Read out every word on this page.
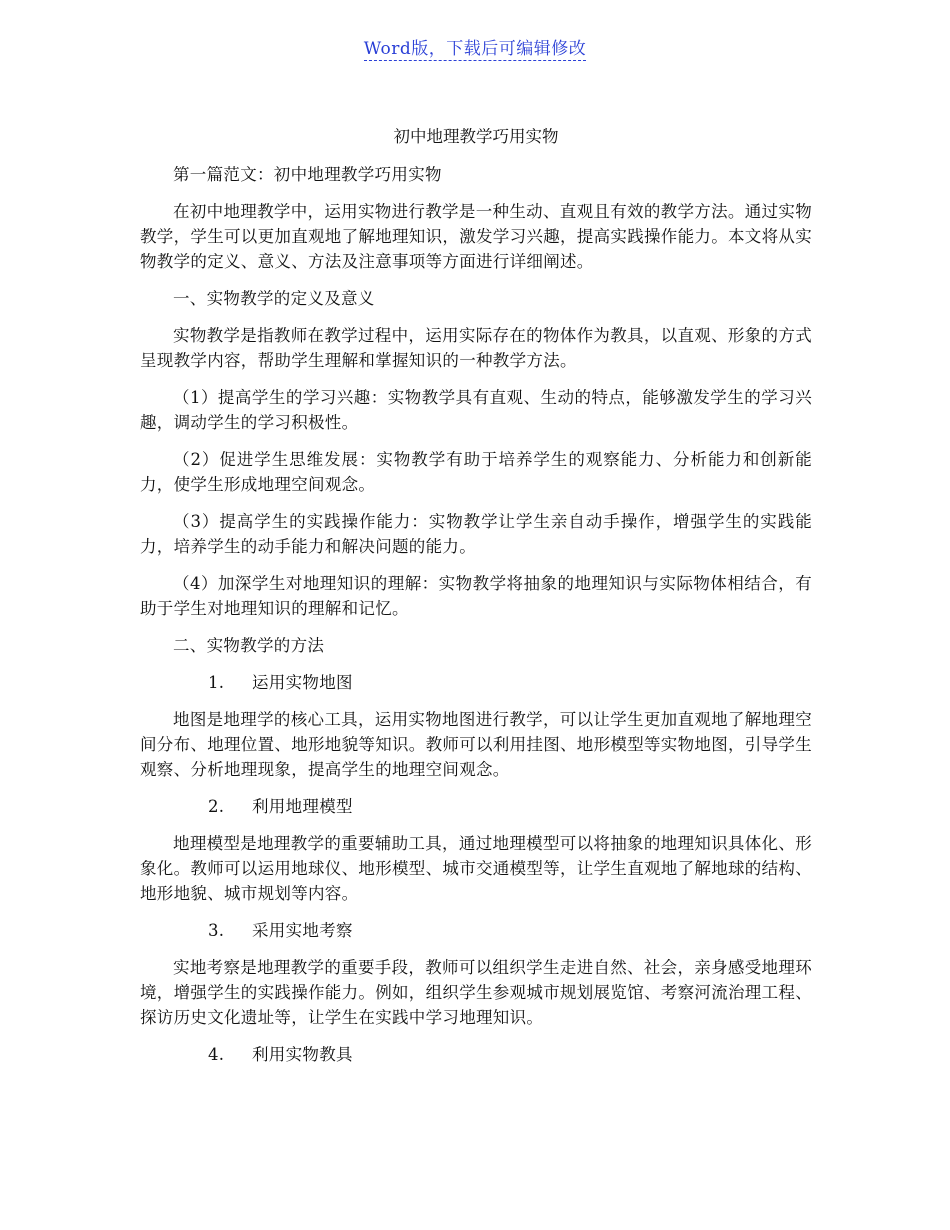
Word版，下载后可编辑修改
初中地理教学巧用实物

第一篇范文：初中地理教学巧用实物

在初中地理教学中，运用实物进行教学是一种生动、直观且有效的教学方法。通过实物教学，学生可以更加直观地了解地理知识，激发学习兴趣，提高实践操作能力。本文将从实物教学的定义、意义、方法及注意事项等方面进行详细阐述。

一、实物教学的定义及意义

实物教学是指教师在教学过程中，运用实际存在的物体作为教具，以直观、形象的方式呈现教学内容，帮助学生理解和掌握知识的一种教学方法。

（1）提高学生的学习兴趣：实物教学具有直观、生动的特点，能够激发学生的学习兴趣，调动学生的学习积极性。

（2）促进学生思维发展：实物教学有助于培养学生的观察能力、分析能力和创新能力，使学生形成地理空间观念。

（3）提高学生的实践操作能力：实物教学让学生亲自动手操作，增强学生的实践能力，培养学生的动手能力和解决问题的能力。

（4）加深学生对地理知识的理解：实物教学将抽象的地理知识与实际物体相结合，有助于学生对地理知识的理解和记忆。

二、实物教学的方法

1. 运用实物地图

地图是地理学的核心工具，运用实物地图进行教学，可以让学生更加直观地了解地理空间分布、地理位置、地形地貌等知识。教师可以利用挂图、地形模型等实物地图，引导学生观察、分析地理现象，提高学生的地理空间观念。

2. 利用地理模型

地理模型是地理教学的重要辅助工具，通过地理模型可以将抽象的地理知识具体化、形象化。教师可以运用地球仪、地形模型、城市交通模型等，让学生直观地了解地球的结构、地形地貌、城市规划等内容。

3. 采用实地考察

实地考察是地理教学的重要手段，教师可以组织学生走进自然、社会，亲身感受地理环境，增强学生的实践操作能力。例如，组织学生参观城市规划展览馆、考察河流治理工程、探访历史文化遗址等，让学生在实践中学习地理知识。

4. 利用实物教具
